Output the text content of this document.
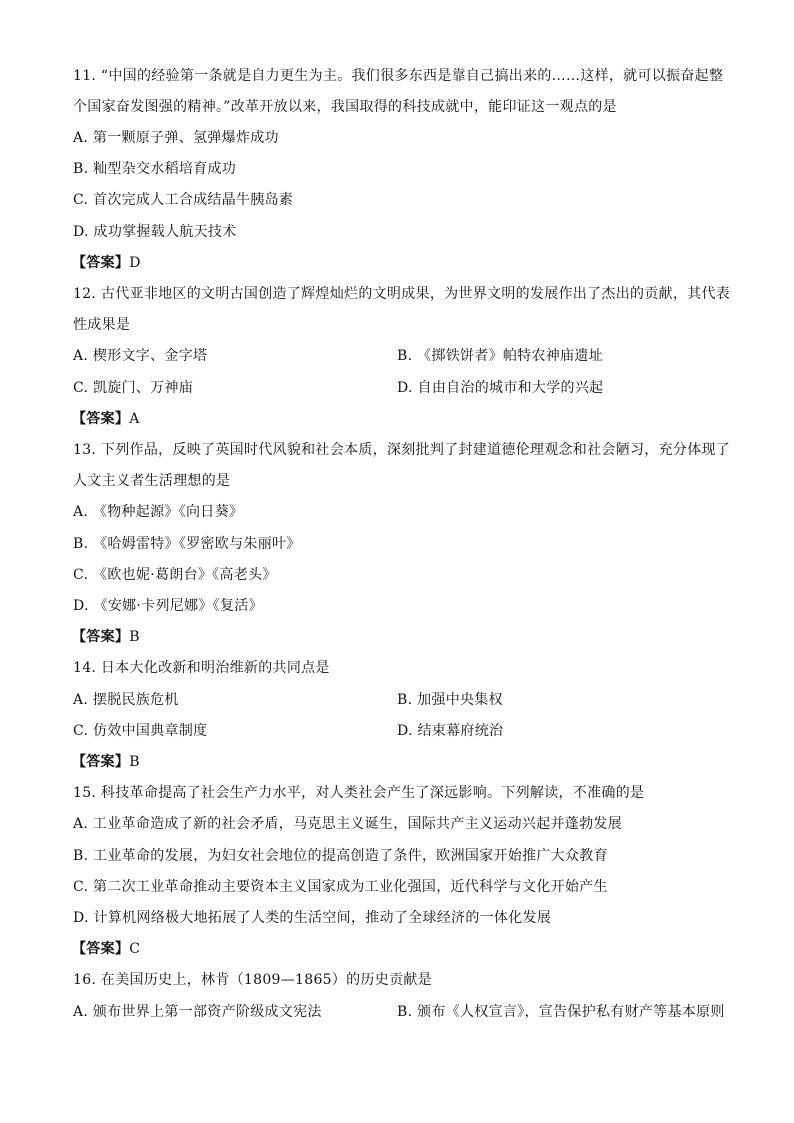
11. “中国的经验第一条就是自力更生为主。我们很多东西是靠自己搞出来的……这样，就可以振奋起整
个国家奋发图强的精神。”改革开放以来，我国取得的科技成就中，能印证这一观点的是
A. 第一颗原子弹、氢弹爆炸成功
B. 籼型杂交水稻培育成功
C. 首次完成人工合成结晶牛胰岛素
D. 成功掌握载人航天技术
【答案】D
12. 古代亚非地区的文明古国创造了辉煌灿烂的文明成果，为世界文明的发展作出了杰出的贡献，其代表
性成果是
A. 楔形文字、金字塔	B. 《掷铁饼者》帕特农神庙遗址
C. 凯旋门、万神庙	D. 自由自治的城市和大学的兴起
【答案】A
13. 下列作品，反映了英国时代风貌和社会本质，深刻批判了封建道德伦理观念和社会陋习，充分体现了
人文主义者生活理想的是
A. 《物种起源》《向日葵》
B. 《哈姆雷特》《罗密欧与朱丽叶》
C. 《欧也妮·葛朗台》《高老头》
D. 《安娜·卡列尼娜》《复活》
【答案】B
14. 日本大化改新和明治维新的共同点是
A. 摆脱民族危机	B. 加强中央集权
C. 仿效中国典章制度	D. 结束幕府统治
【答案】B
15. 科技革命提高了社会生产力水平，对人类社会产生了深远影响。下列解读，不准确的是
A. 工业革命造成了新的社会矛盾，马克思主义诞生，国际共产主义运动兴起并蓬勃发展
B. 工业革命的发展，为妇女社会地位的提高创造了条件，欧洲国家开始推广大众教育
C. 第二次工业革命推动主要资本主义国家成为工业化强国，近代科学与文化开始产生
D. 计算机网络极大地拓展了人类的生活空间，推动了全球经济的一体化发展
【答案】C
16. 在美国历史上，林肯（1809—1865）的历史贡献是
A. 颁布世界上第一部资产阶级成文宪法	B. 颁布《人权宣言》，宣告保护私有财产等基本原则
